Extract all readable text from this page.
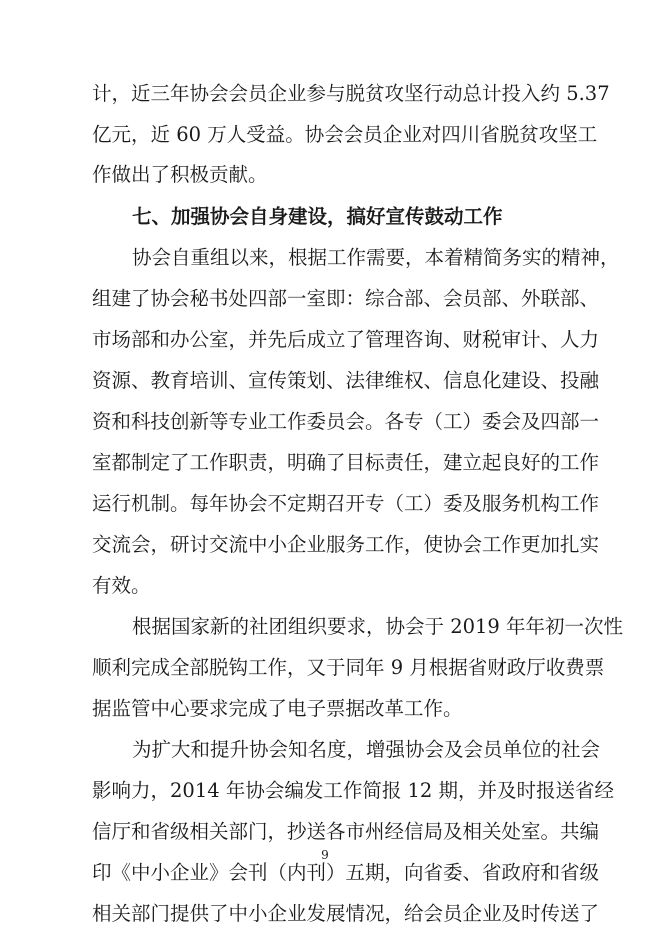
计，近三年协会会员企业参与脱贫攻坚行动总计投入约 5.37
亿元，近 60 万人受益。协会会员企业对四川省脱贫攻坚工
作做出了积极贡献。
七、加强协会自身建设，搞好宣传鼓动工作
协会自重组以来，根据工作需要，本着精简务实的精神，
组建了协会秘书处四部一室即：综合部、会员部、外联部、
市场部和办公室，并先后成立了管理咨询、财税审计、人力
资源、教育培训、宣传策划、法律维权、信息化建设、投融
资和科技创新等专业工作委员会。各专（工）委会及四部一
室都制定了工作职责，明确了目标责任，建立起良好的工作
运行机制。每年协会不定期召开专（工）委及服务机构工作
交流会，研讨交流中小企业服务工作，使协会工作更加扎实
有效。
根据国家新的社团组织要求，协会于 2019 年年初一次性
顺利完成全部脱钩工作，又于同年 9 月根据省财政厅收费票
据监管中心要求完成了电子票据改革工作。
为扩大和提升协会知名度，增强协会及会员单位的社会
影响力，2014 年协会编发工作简报 12 期，并及时报送省经
信厅和省级相关部门，抄送各市州经信局及相关处室。共编
印《中小企业》会刊（内刊）五期，向省委、省政府和省级
相关部门提供了中小企业发展情况，给会员企业及时传送了
9
